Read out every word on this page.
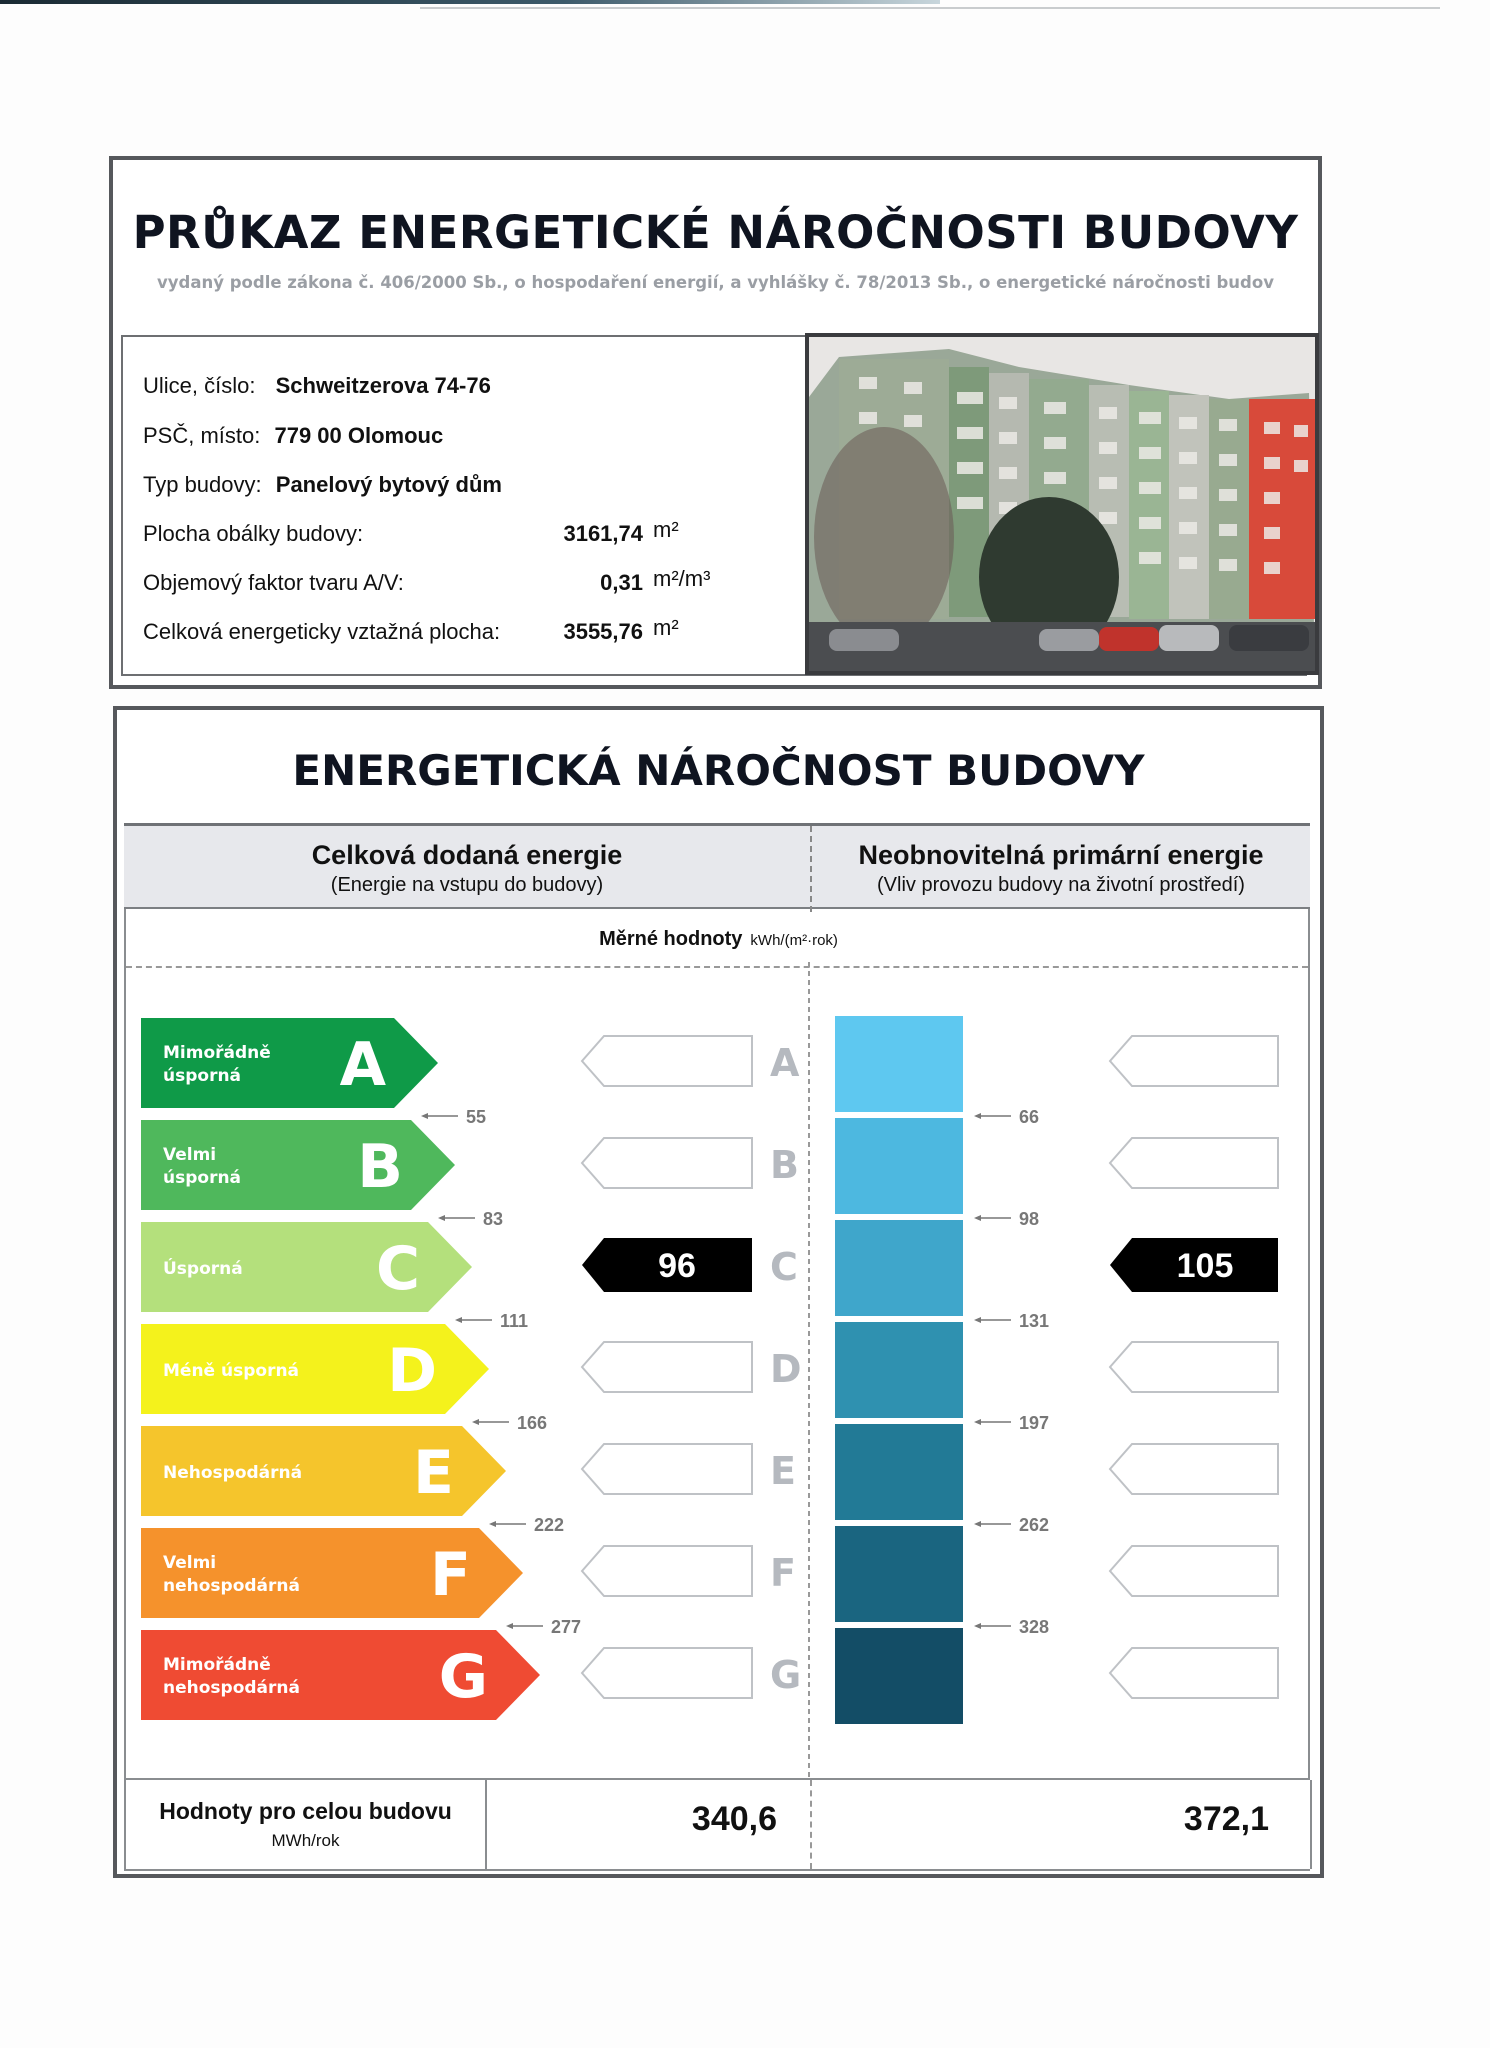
PRŮKAZ ENERGETICKÉ NÁROČNOSTI BUDOVY
vydaný podle zákona č. 406/2000 Sb., o hospodaření energií, a vyhlášky č. 78/2013 Sb., o energetické náročnosti budov
Ulice, číslo: Schweitzerova 74-76
PSČ, místo: 779 00 Olomouc
Typ budovy: Panelový bytový dům
Plocha obálky budovy:	3161,74 m²
Objemový faktor tvaru A/V:	0,31 m²/m³
Celková energeticky vztažná plocha:	3555,76 m²
ENERGETICKÁ NÁROČNOST BUDOVY
Celková dodaná energie
(Energie na vstupu do budovy)
Neobnovitelná primární energie
(Vliv provozu budovy na životní prostředí)
Měrné hodnoty kWh/(m²·rok)
Mimořádně
úsporná A	A
Velmi
úsporná B	B
Úsporná C	96 C	105
Méně úsporná D	D
Nehospodárná E	E
Velmi
nehospodárná F	F
Mimořádně
nehospodárná G	G
55
83
111
166
222
277
66
98
131
197
262
328
Hodnoty pro celou budovu
MWh/rok
340,6	372,1
